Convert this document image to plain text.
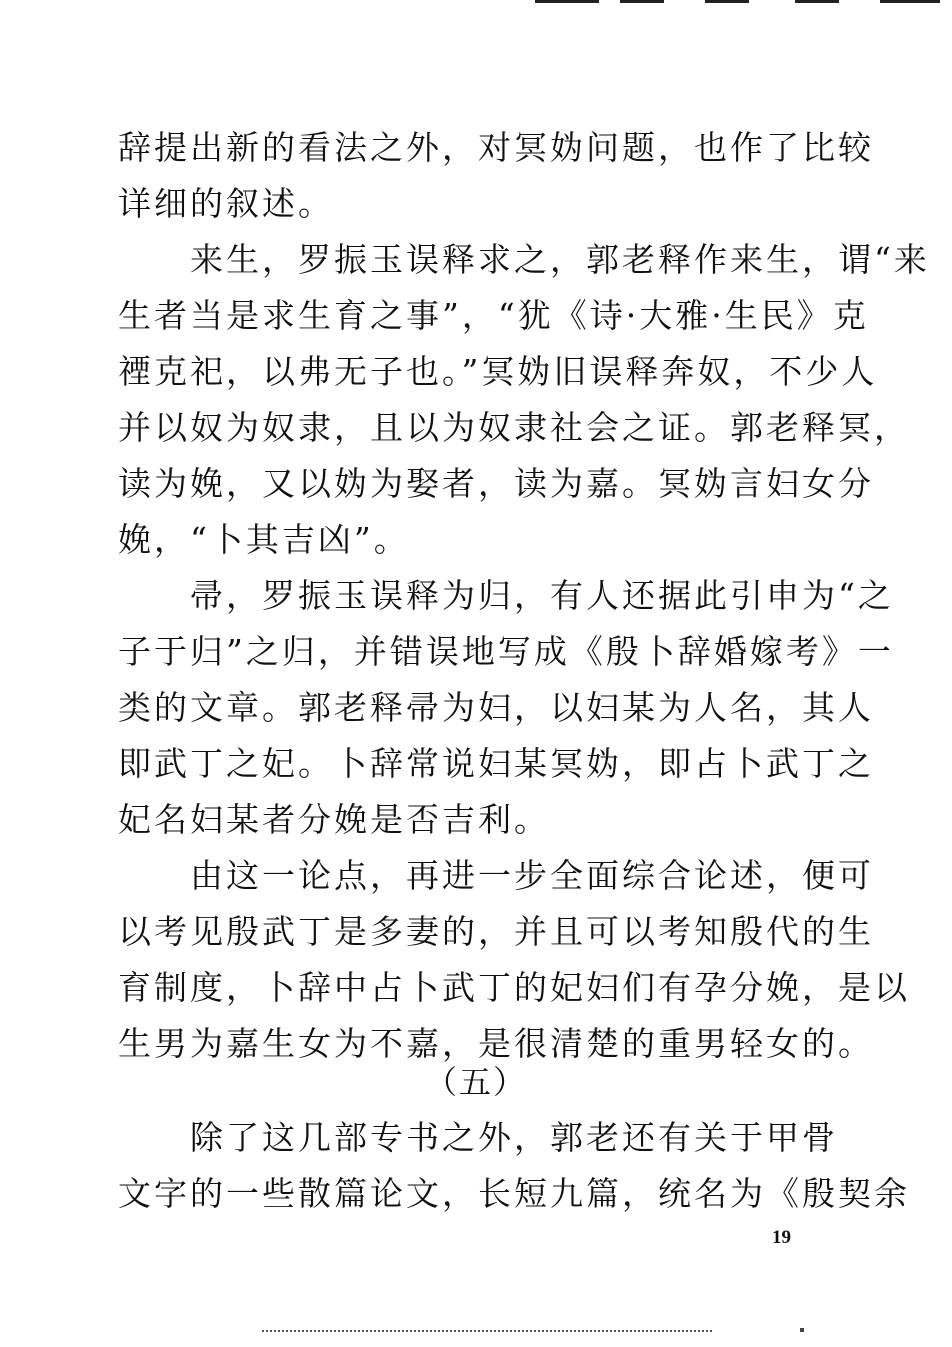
辞提出新的看法之外，对冥妫问题，也作了比较
详细的叙述。
来生，罗振玉误释求之，郭老释作来生，谓“来
生者当是求生育之事”，“犹《诗·大雅·生民》克
禋克祀，以弗无子也。”冥妫旧误释奔奴，不少人
并以奴为奴隶，且以为奴隶社会之证。郭老释冥，
读为娩，又以妫为娶者，读为嘉。冥妫言妇女分
娩，“卜其吉凶”。
帚，罗振玉误释为归，有人还据此引申为“之
子于归”之归，并错误地写成《殷卜辞婚嫁考》一
类的文章。郭老释帚为妇，以妇某为人名，其人
即武丁之妃。卜辞常说妇某冥妫，即占卜武丁之
妃名妇某者分娩是否吉利。
由这一论点，再进一步全面综合论述，便可
以考见殷武丁是多妻的，并且可以考知殷代的生
育制度，卜辞中占卜武丁的妃妇们有孕分娩，是以
生男为嘉生女为不嘉，是很清楚的重男轻女的。
（五）
除了这几部专书之外，郭老还有关于甲骨
文字的一些散篇论文，长短九篇，统名为《殷契余
19
